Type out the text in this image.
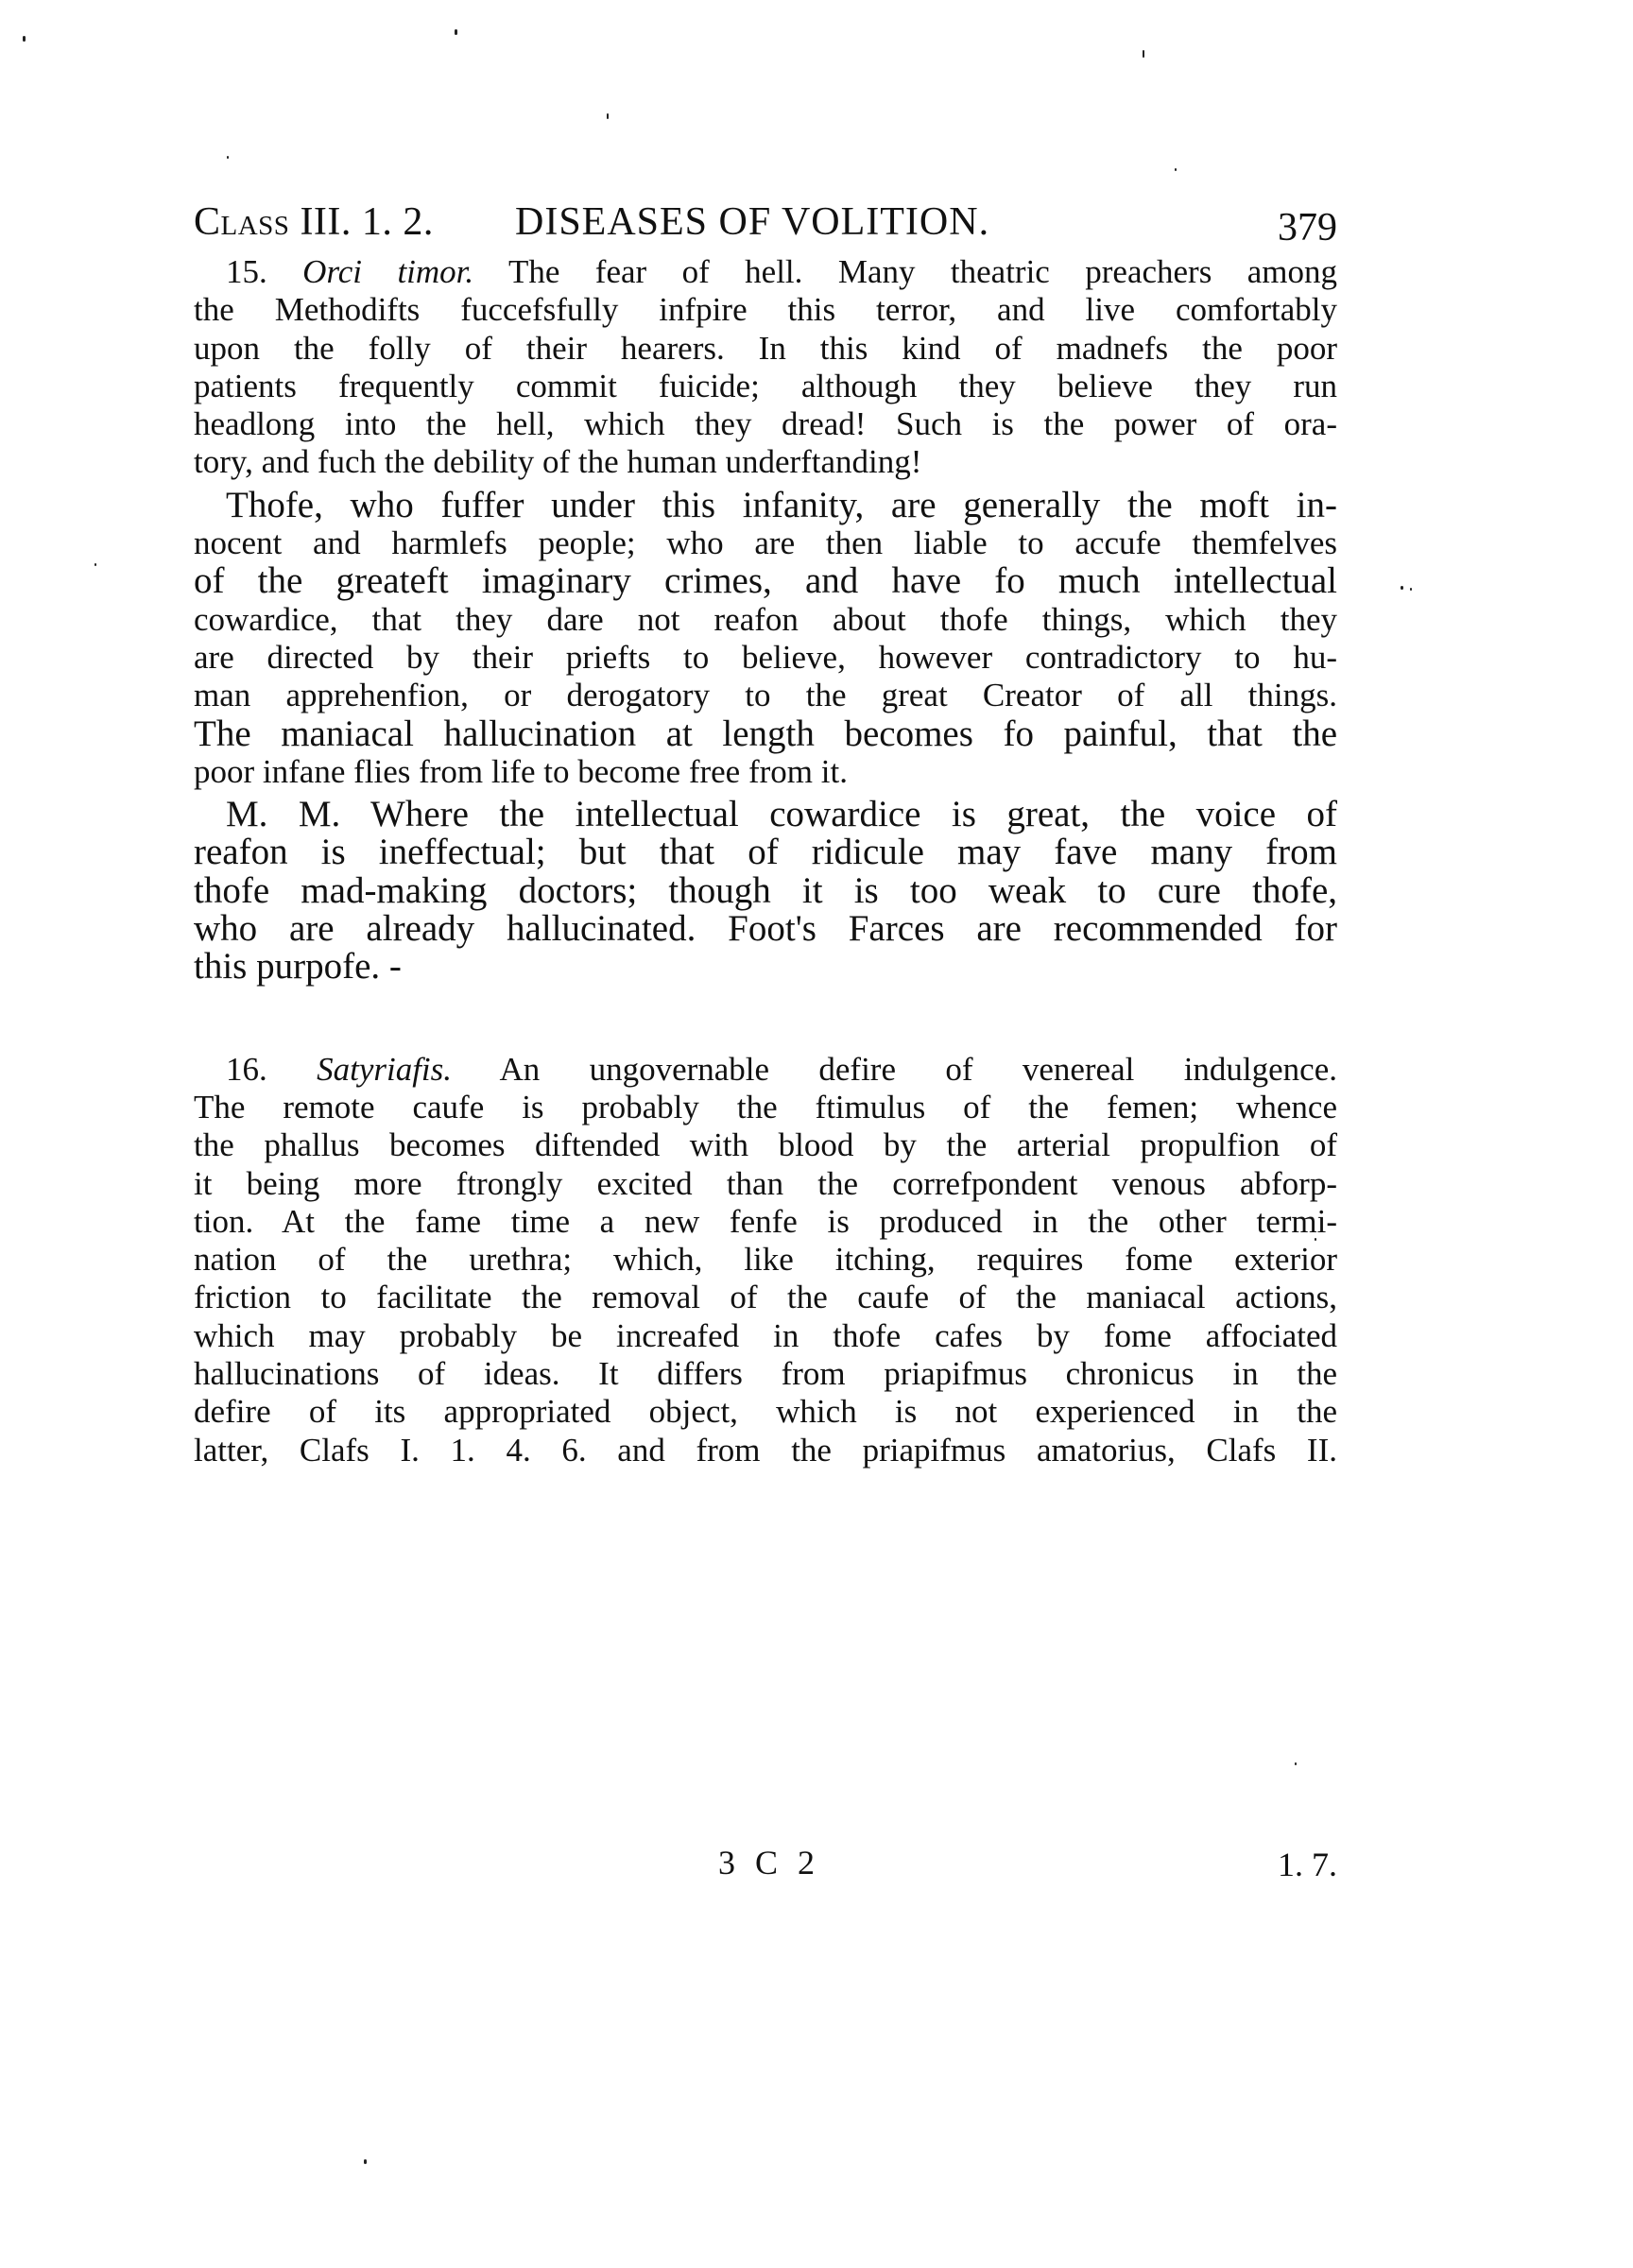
Class III. 1. 2. DISEASES OF VOLITION.	379
15. Orci timor. The fear of hell. Many theatric preachers among
the Methodifts fuccefsfully infpire this terror, and live comfortably
upon the folly of their hearers. In this kind of madnefs the poor
patients frequently commit fuicide; although they believe they run
headlong into the hell, which they dread! Such is the power of ora-
tory, and fuch the debility of the human underftanding!
Thofe, who fuffer under this infanity, are generally the moft in-
nocent and harmlefs people; who are then liable to accufe themfelves
of the greateft imaginary crimes, and have fo much intellectual
cowardice, that they dare not reafon about thofe things, which they
are directed by their priefts to believe, however contradictory to hu-
man apprehenfion, or derogatory to the great Creator of all things.
The maniacal hallucination at length becomes fo painful, that the
poor infane flies from life to become free from it.
M. M. Where the intellectual cowardice is great, the voice of
reafon is ineffectual; but that of ridicule may fave many from
thofe mad-making doctors; though it is too weak to cure thofe,
who are already hallucinated. Foot's Farces are recommended for
this purpofe. -
16. Satyriafis. An ungovernable defire of venereal indulgence.
The remote caufe is probably the ftimulus of the femen; whence
the phallus becomes diftended with blood by the arterial propulfion of
it being more ftrongly excited than the correfpondent venous abforp-
tion. At the fame time a new fenfe is produced in the other termi-
nation of the urethra; which, like itching, requires fome exterior
friction to facilitate the removal of the caufe of the maniacal actions,
which may probably be increafed in thofe cafes by fome affociated
hallucinations of ideas. It differs from priapifmus chronicus in the
defire of its appropriated object, which is not experienced in the
latter, Clafs I. 1. 4. 6. and from the priapifmus amatorius, Clafs II.
3 C 2	1. 7.
